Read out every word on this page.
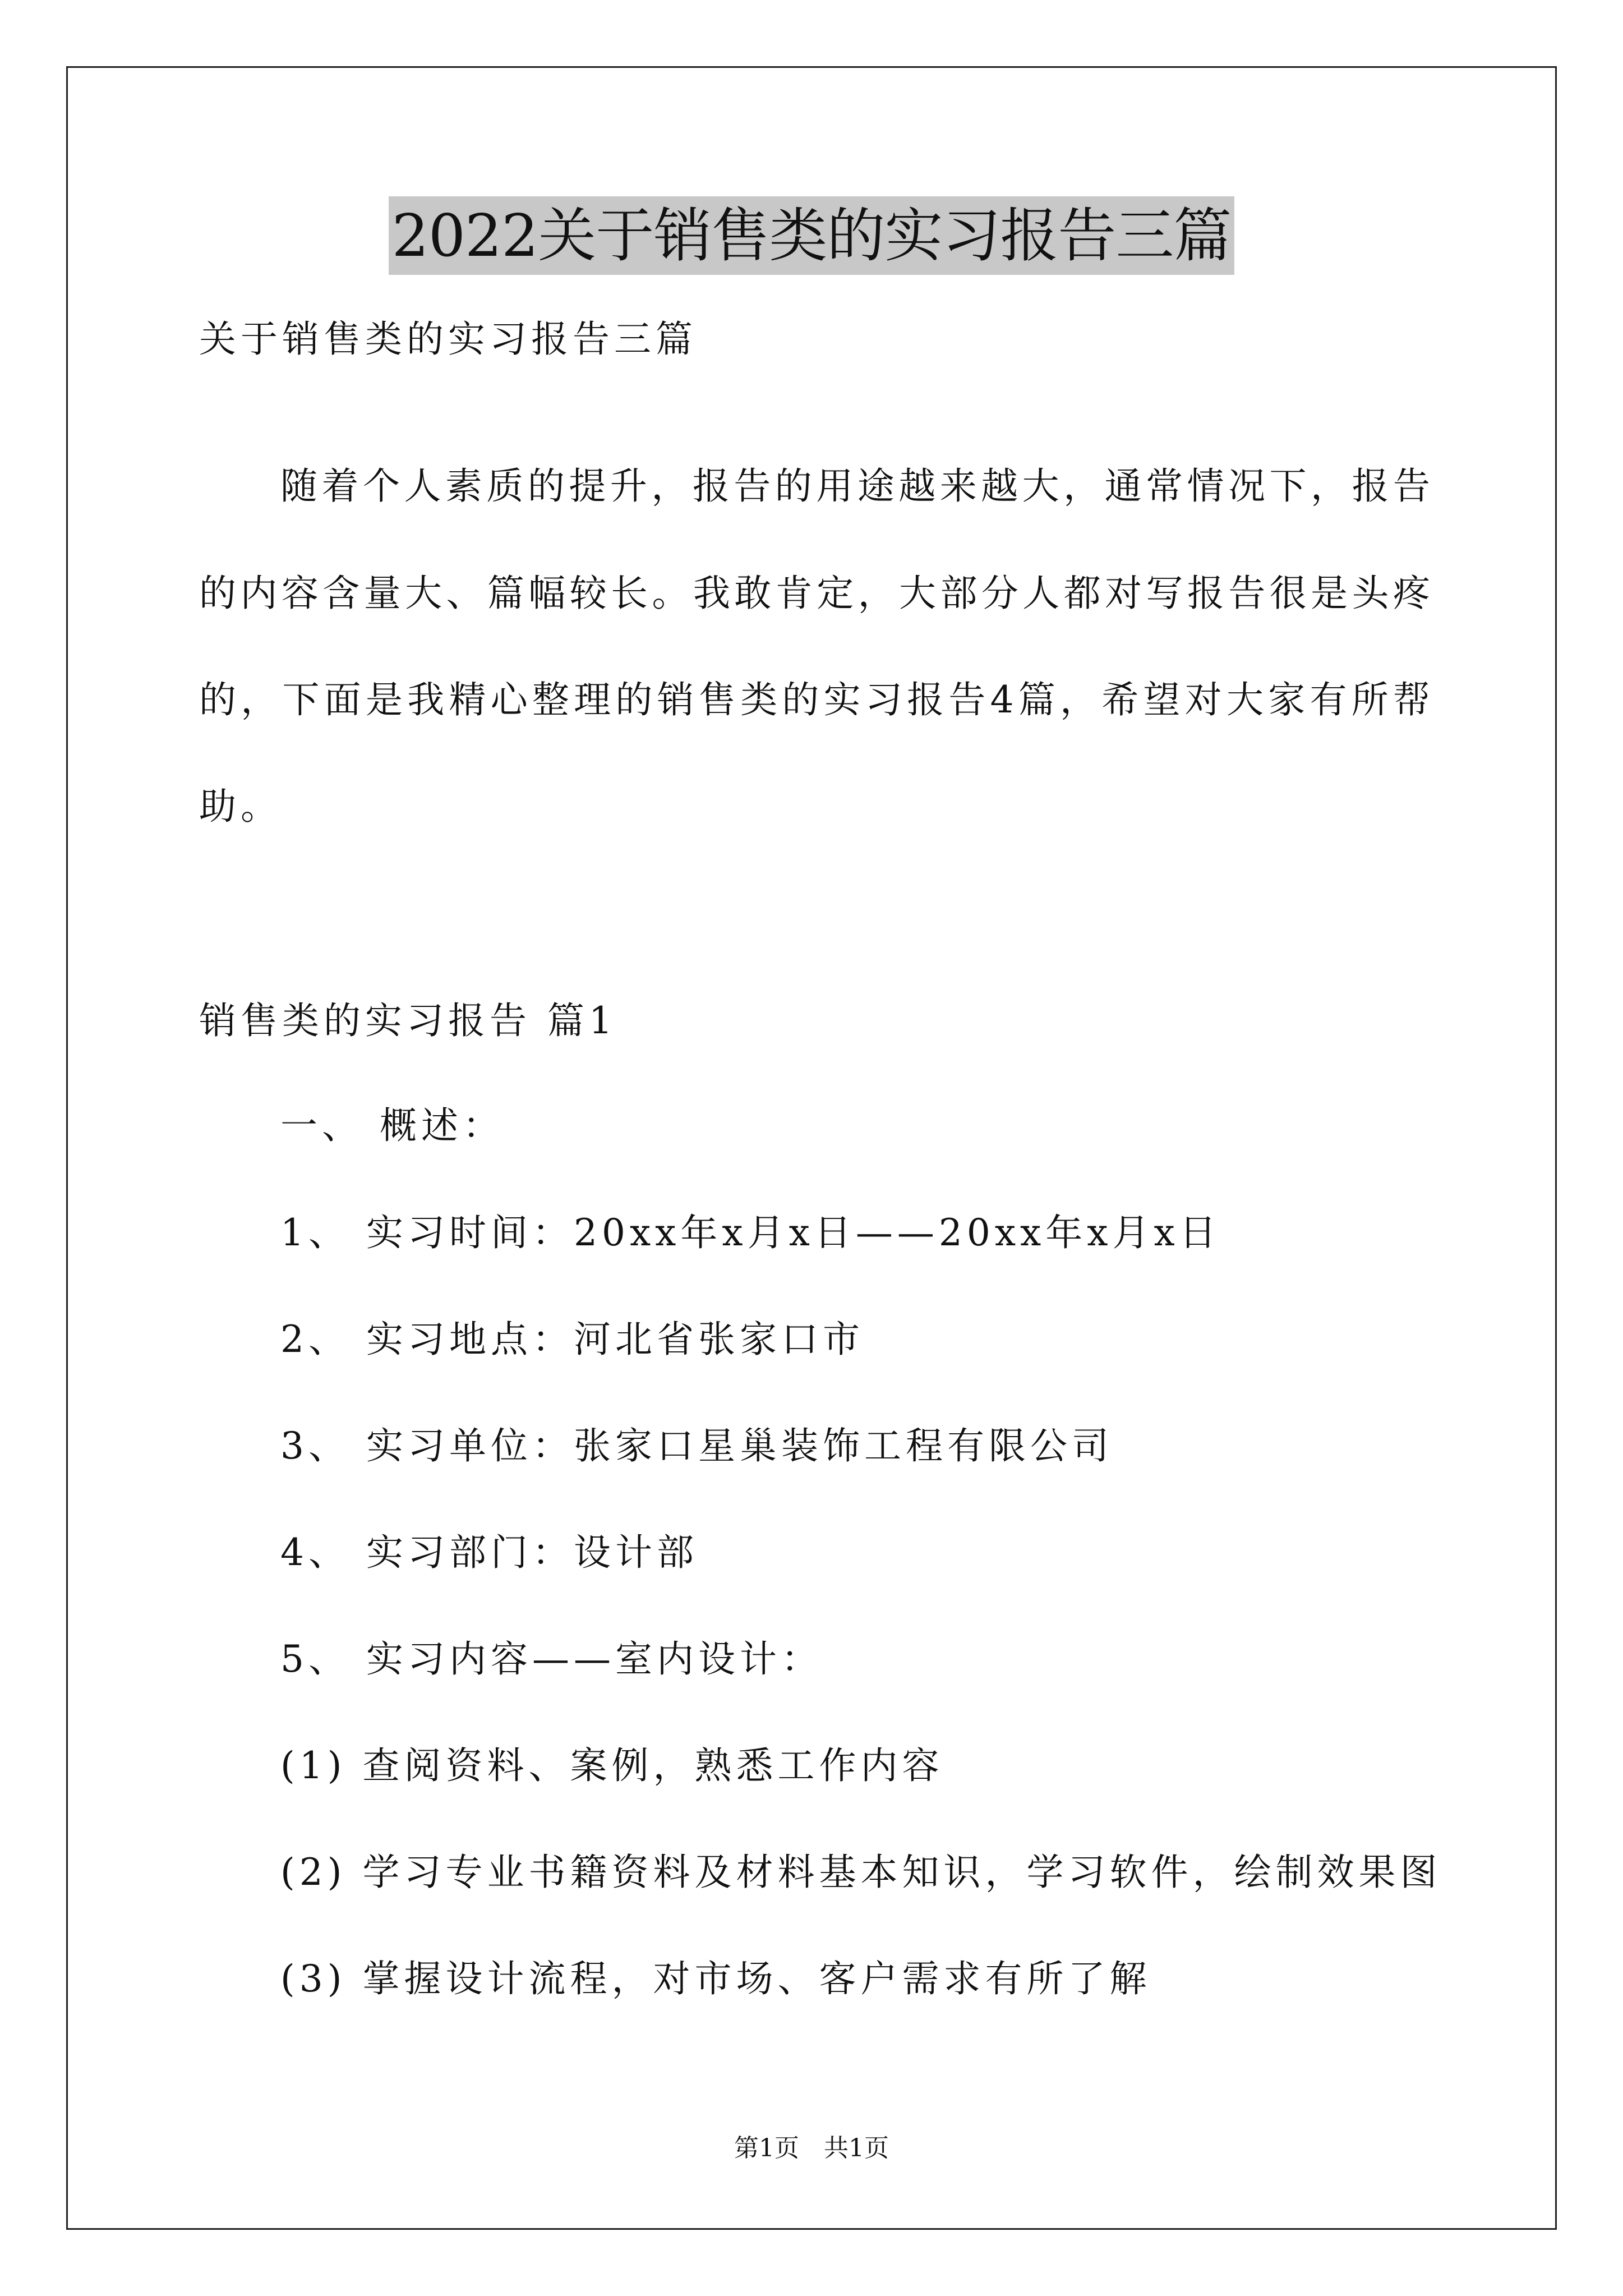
2022关于销售类的实习报告三篇
关于销售类的实习报告三篇
随着个人素质的提升，报告的用途越来越大，通常情况下，报告
的内容含量大、篇幅较长。我敢肯定，大部分人都对写报告很是头疼
的，下面是我精心整理的销售类的实习报告4篇，希望对大家有所帮
助。
销售类的实习报告 篇1
一、 概述：
1、 实习时间：20xx年x月x日——20xx年x月x日
2、 实习地点：河北省张家口市
3、 实习单位：张家口星巢装饰工程有限公司
4、 实习部门：设计部
5、 实习内容——室内设计：
(1) 查阅资料、案例，熟悉工作内容
(2) 学习专业书籍资料及材料基本知识，学习软件，绘制效果图
(3) 掌握设计流程，对市场、客户需求有所了解
第1页　共1页
